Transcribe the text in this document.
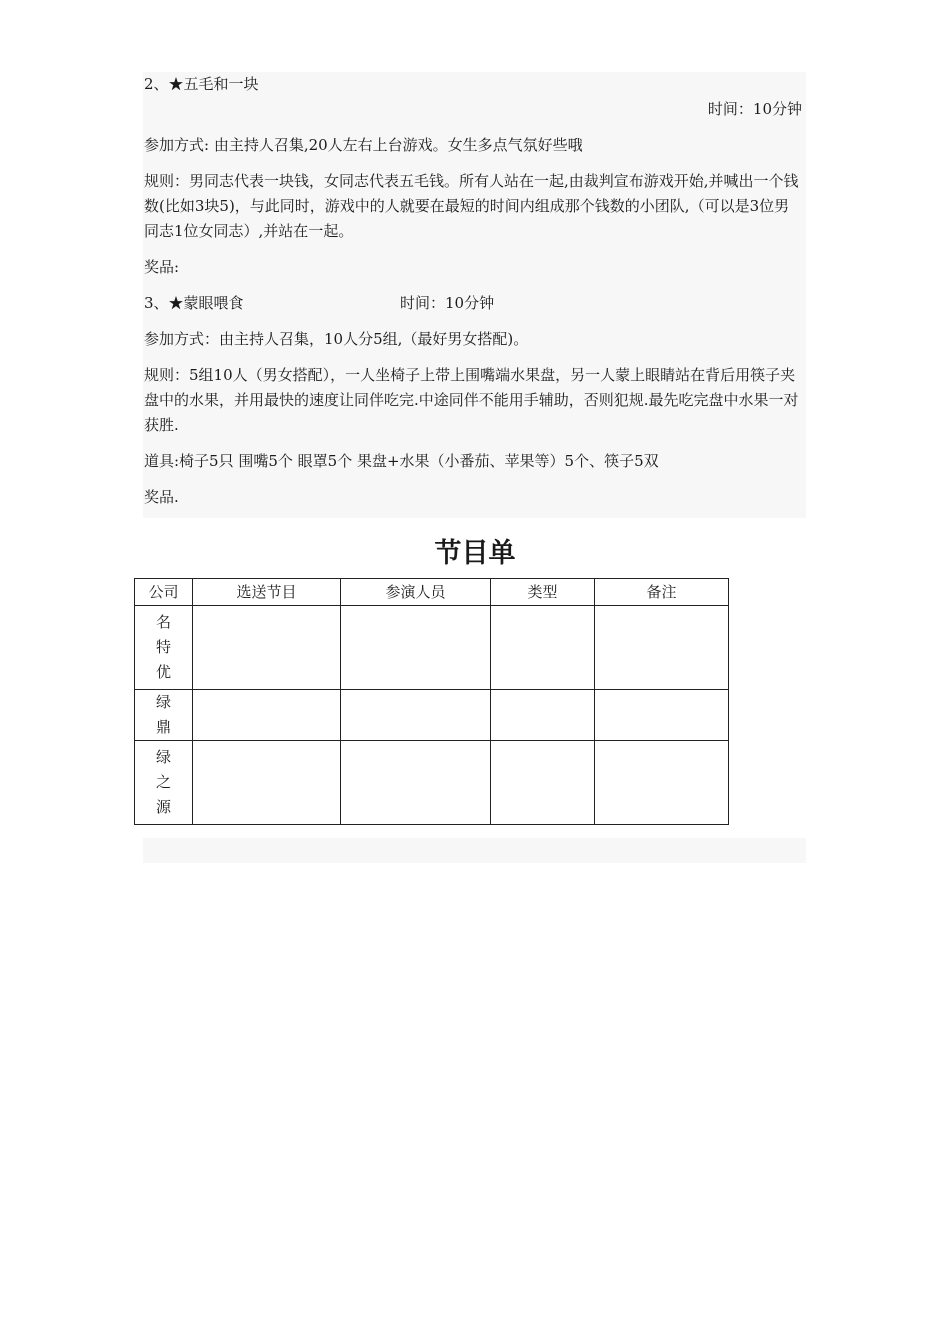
2、★五毛和一块

时间：10分钟

参加方式: 由主持人召集,20人左右上台游戏。女生多点气氛好些哦

规则：男同志代表一块钱，女同志代表五毛钱。所有人站在一起,由裁判宣布游戏开始,并喊出一个钱数(比如3块5)，与此同时，游戏中的人就要在最短的时间内组成那个钱数的小团队,（可以是3位男同志1位女同志）,并站在一起。

奖品:

3、★蒙眼喂食	时间：10分钟

参加方式：由主持人召集，10人分5组,（最好男女搭配)。

规则：5组10人（男女搭配），一人坐椅子上带上围嘴端水果盘，另一人蒙上眼睛站在背后用筷子夹盘中的水果，并用最快的速度让同伴吃完.中途同伴不能用手辅助，否则犯规.最先吃完盘中水果一对获胜.

道具:椅子5只 围嘴5个 眼罩5个 果盘+水果（小番茄、苹果等）5个、筷子5双

奖品.

节目单
公司	选送节目	参演人员	类型	备注

名
特
优				

绿
鼎				

绿
之
源				
